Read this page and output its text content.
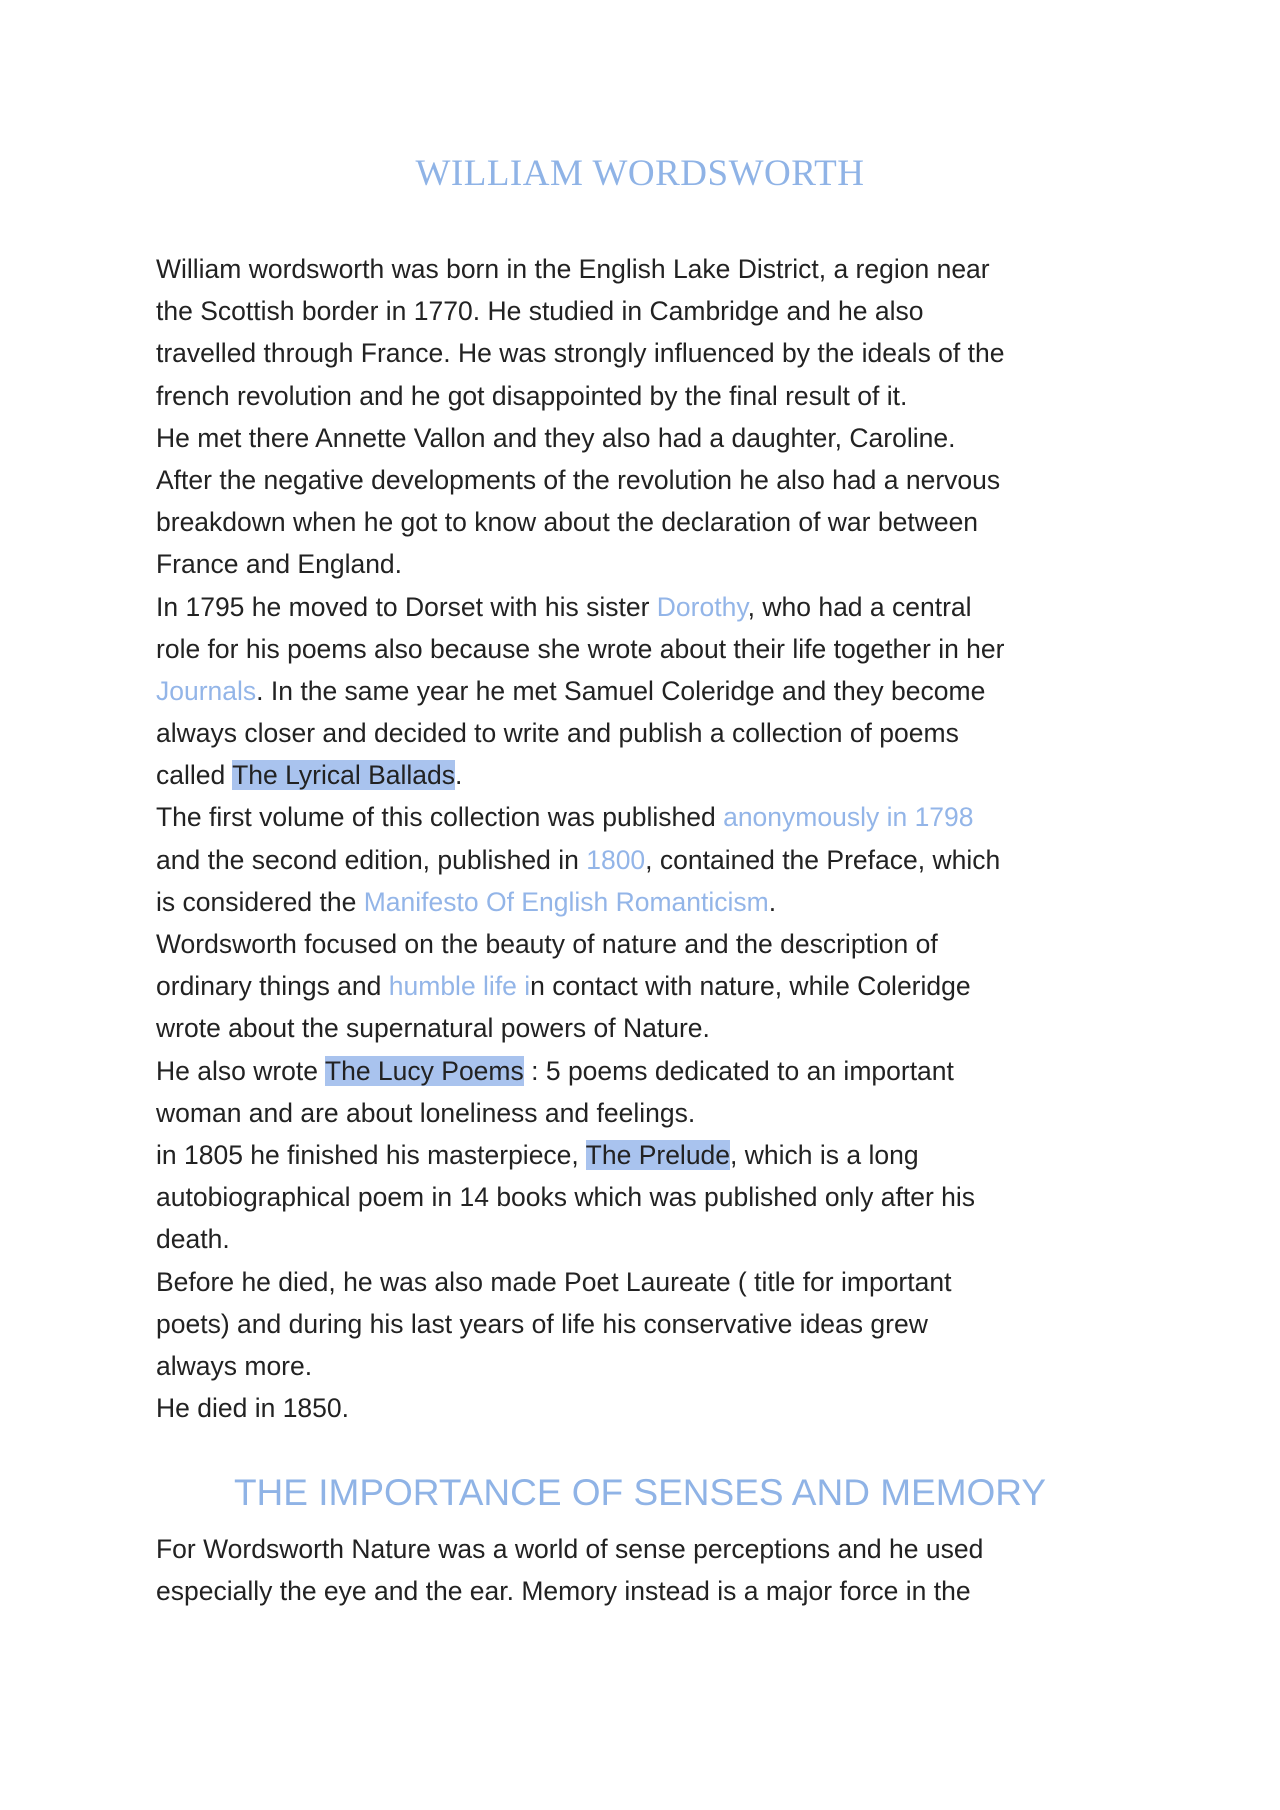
WILLIAM WORDSWORTH
William wordsworth was born in the English Lake District, a region near
the Scottish border in 1770. He studied in Cambridge and he also
travelled through France. He was strongly influenced by the ideals of the
french revolution and he got disappointed by the final result of it.
He met there Annette Vallon and they also had a daughter, Caroline.
After the negative developments of the revolution he also had a nervous
breakdown when he got to know about the declaration of war between
France and England.
In 1795 he moved to Dorset with his sister Dorothy, who had a central
role for his poems also because she wrote about their life together in her
Journals. In the same year he met Samuel Coleridge and they become
always closer and decided to write and publish a collection of poems
called The Lyrical Ballads.
The first volume of this collection was published anonymously in 1798
and the second edition, published in 1800, contained the Preface, which
is considered the Manifesto Of English Romanticism.
Wordsworth focused on the beauty of nature and the description of
ordinary things and humble life in contact with nature, while Coleridge
wrote about the supernatural powers of Nature.
He also wrote The Lucy Poems : 5 poems dedicated to an important
woman and are about loneliness and feelings.
in 1805 he finished his masterpiece, The Prelude, which is a long
autobiographical poem in 14 books which was published only after his
death.
Before he died, he was also made Poet Laureate ( title for important
poets) and during his last years of life his conservative ideas grew
always more.
He died in 1850.
THE IMPORTANCE OF SENSES AND MEMORY
For Wordsworth Nature was a world of sense perceptions and he used
especially the eye and the ear. Memory instead is a major force in the
